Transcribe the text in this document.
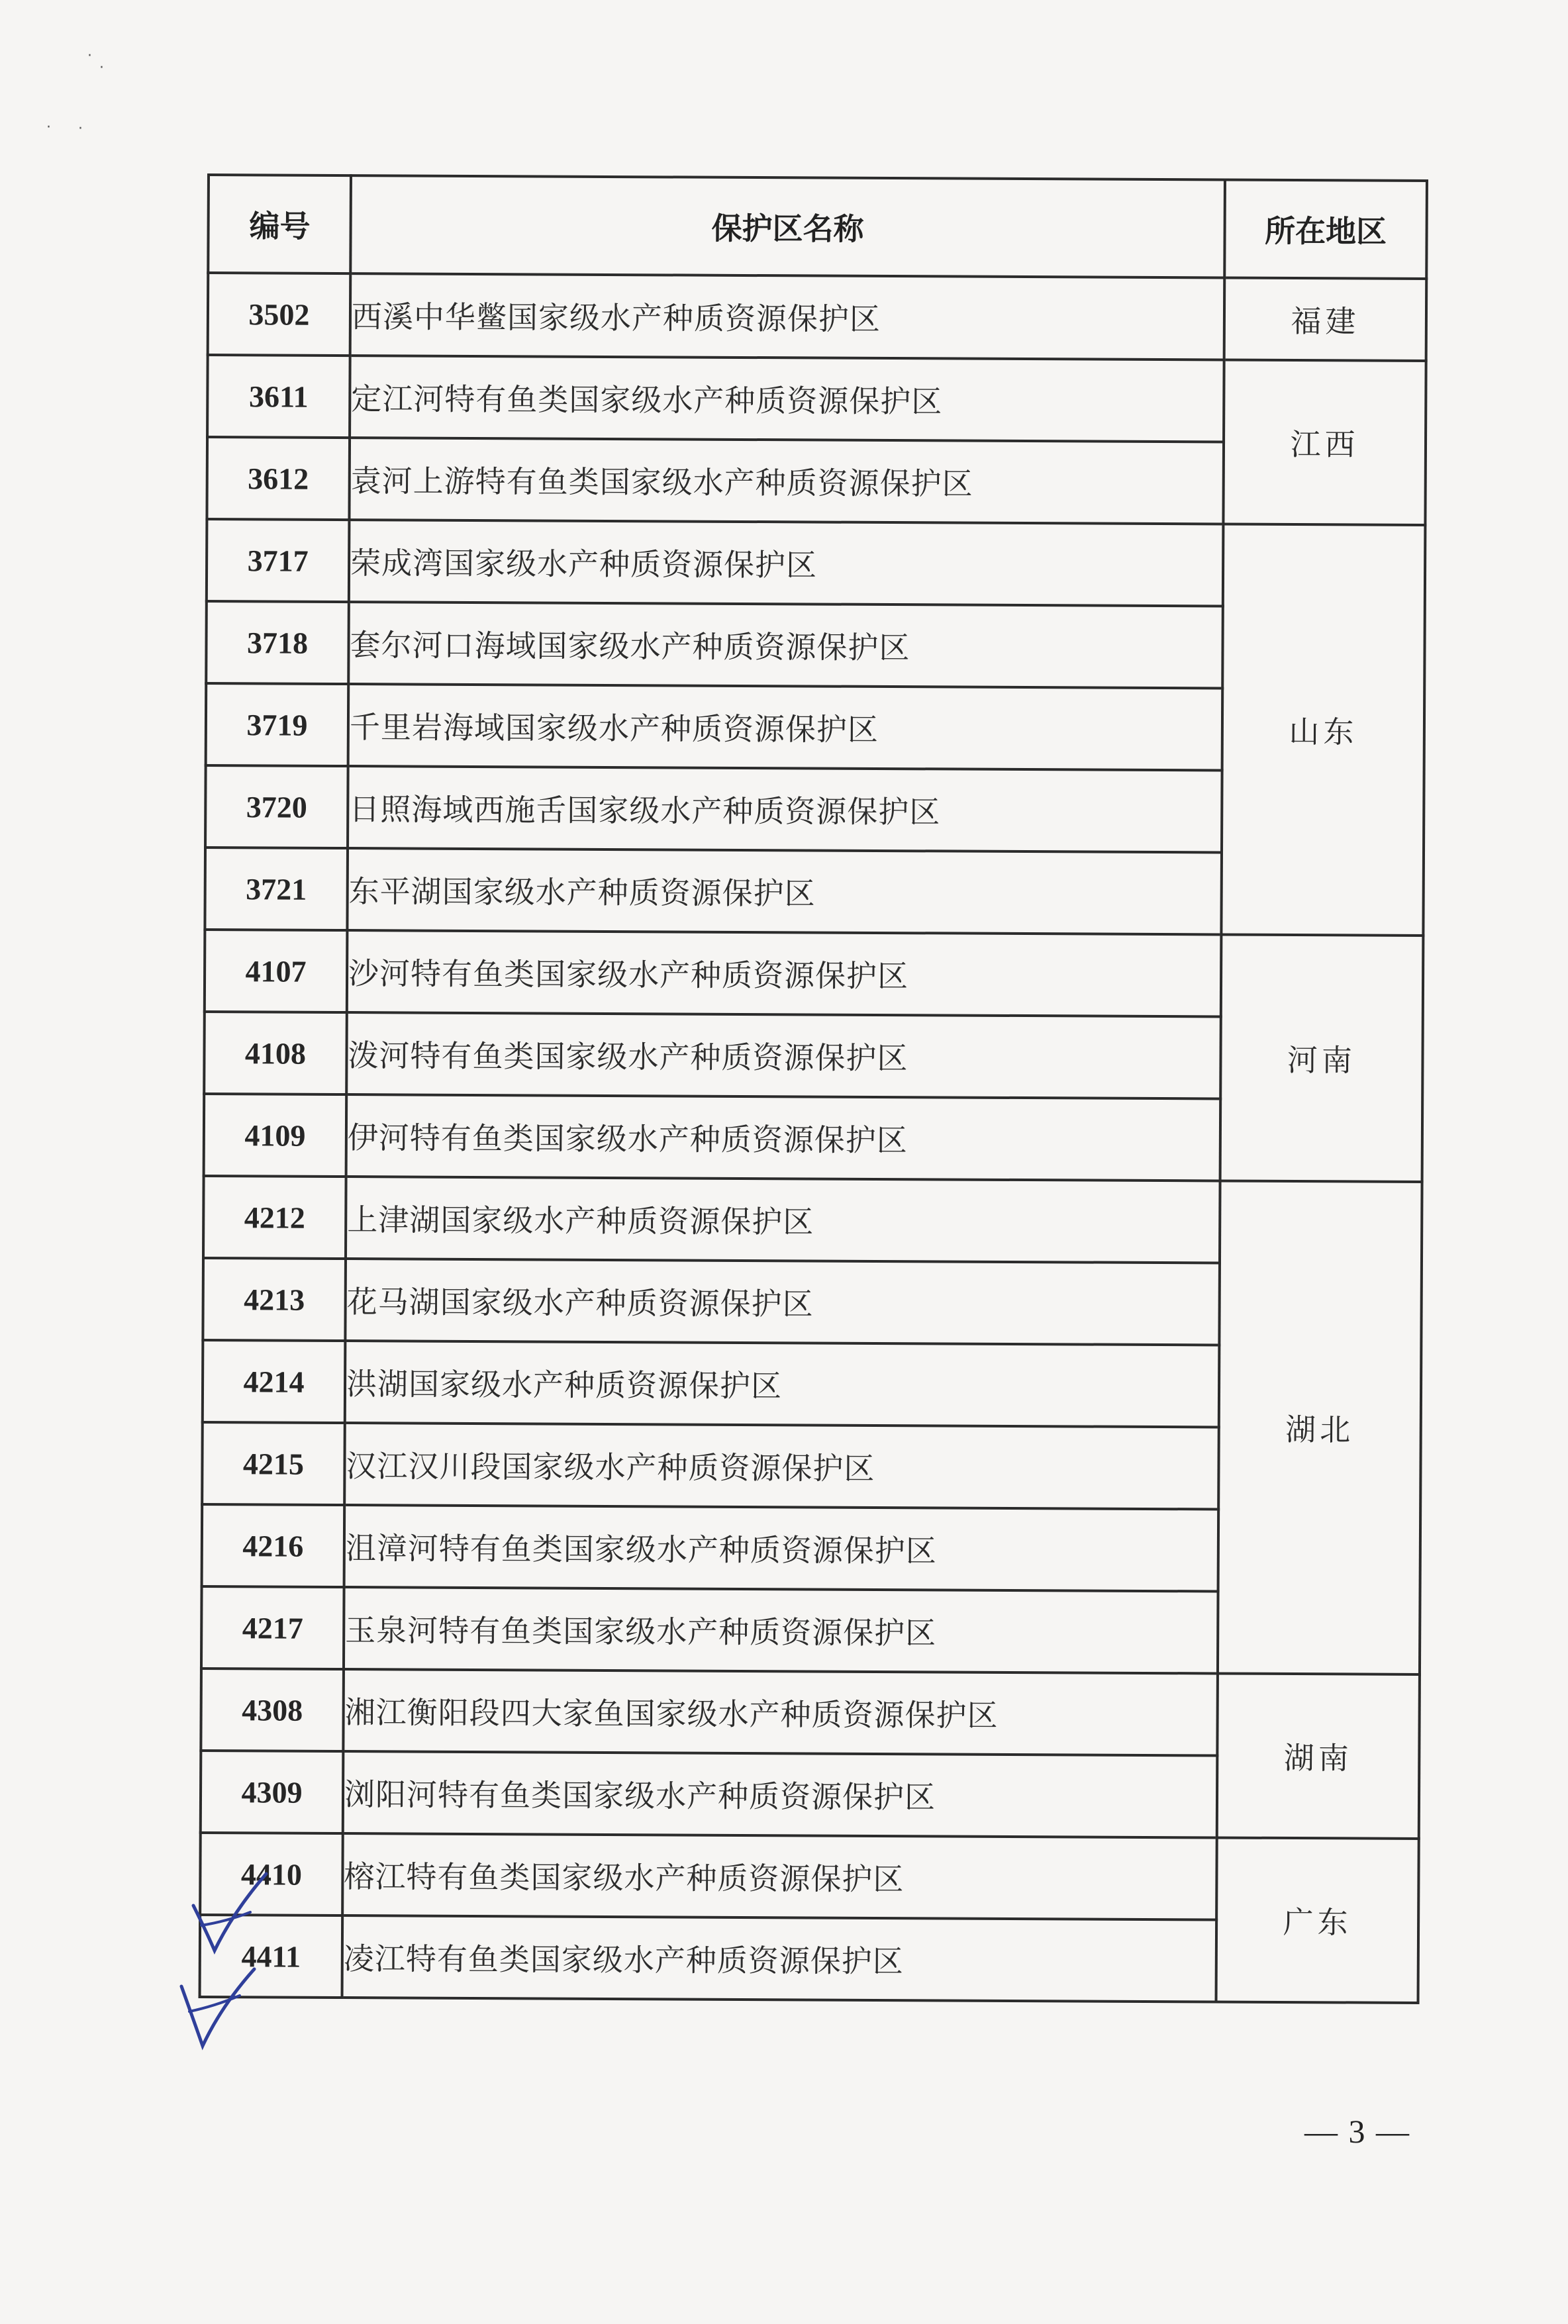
·
·
· ·
编号	保护区名称	所在地区
3502	西溪中华鳖国家级水产种质资源保护区	福建
3611	定江河特有鱼类国家级水产种质资源保护区	江西
3612	袁河上游特有鱼类国家级水产种质资源保护区	
3717	荣成湾国家级水产种质资源保护区	山东
3718	套尔河口海域国家级水产种质资源保护区	
3719	千里岩海域国家级水产种质资源保护区	
3720	日照海域西施舌国家级水产种质资源保护区	
3721	东平湖国家级水产种质资源保护区	
4107	沙河特有鱼类国家级水产种质资源保护区	河南
4108	泼河特有鱼类国家级水产种质资源保护区	
4109	伊河特有鱼类国家级水产种质资源保护区	
4212	上津湖国家级水产种质资源保护区	湖北
4213	花马湖国家级水产种质资源保护区	
4214	洪湖国家级水产种质资源保护区	
4215	汉江汉川段国家级水产种质资源保护区	
4216	沮漳河特有鱼类国家级水产种质资源保护区	
4217	玉泉河特有鱼类国家级水产种质资源保护区	
4308	湘江衡阳段四大家鱼国家级水产种质资源保护区	湖南
4309	浏阳河特有鱼类国家级水产种质资源保护区	
4410	榕江特有鱼类国家级水产种质资源保护区	广东
4411	凌江特有鱼类国家级水产种质资源保护区	
— 3 —
